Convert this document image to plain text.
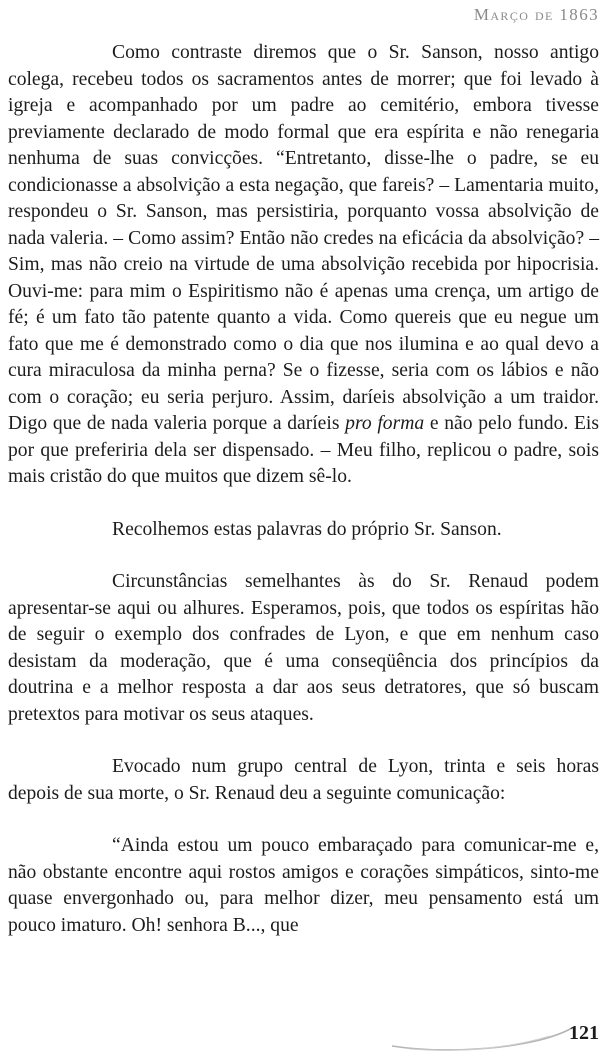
Março de 1863

Como contraste diremos que o Sr. Sanson, nosso antigo colega, recebeu todos os sacramentos antes de morrer; que foi levado à igreja e acompanhado por um padre ao cemitério, embora tivesse previamente declarado de modo formal que era espírita e não renegaria nenhuma de suas convicções. “Entretanto, disse-lhe o padre, se eu condicionasse a absolvição a esta negação, que fareis? – Lamentaria muito, respondeu o Sr. Sanson, mas persistiria, porquanto vossa absolvição de nada valeria. – Como assim? Então não credes na eficácia da absolvição? – Sim, mas não creio na virtude de uma absolvição recebida por hipocrisia. Ouvi-me: para mim o Espiritismo não é apenas uma crença, um artigo de fé; é um fato tão patente quanto a vida. Como quereis que eu negue um fato que me é demonstrado como o dia que nos ilumina e ao qual devo a cura miraculosa da minha perna? Se o fizesse, seria com os lábios e não com o coração; eu seria perjuro. Assim, daríeis absolvição a um traidor. Digo que de nada valeria porque a daríeis pro forma e não pelo fundo. Eis por que preferiria dela ser dispensado. – Meu filho, replicou o padre, sois mais cristão do que muitos que dizem sê-lo.

Recolhemos estas palavras do próprio Sr. Sanson.

Circunstâncias semelhantes às do Sr. Renaud podem apresentar-se aqui ou alhures. Esperamos, pois, que todos os espíritas hão de seguir o exemplo dos confrades de Lyon, e que em nenhum caso desistam da moderação, que é uma conseqüência dos princípios da doutrina e a melhor resposta a dar aos seus detratores, que só buscam pretextos para motivar os seus ataques.

Evocado num grupo central de Lyon, trinta e seis horas depois de sua morte, o Sr. Renaud deu a seguinte comunicação:

“Ainda estou um pouco embaraçado para comunicar-me e, não obstante encontre aqui rostos amigos e corações simpáticos, sinto-me quase envergonhado ou, para melhor dizer, meu pensamento está um pouco imaturo. Oh! senhora B..., que

121
